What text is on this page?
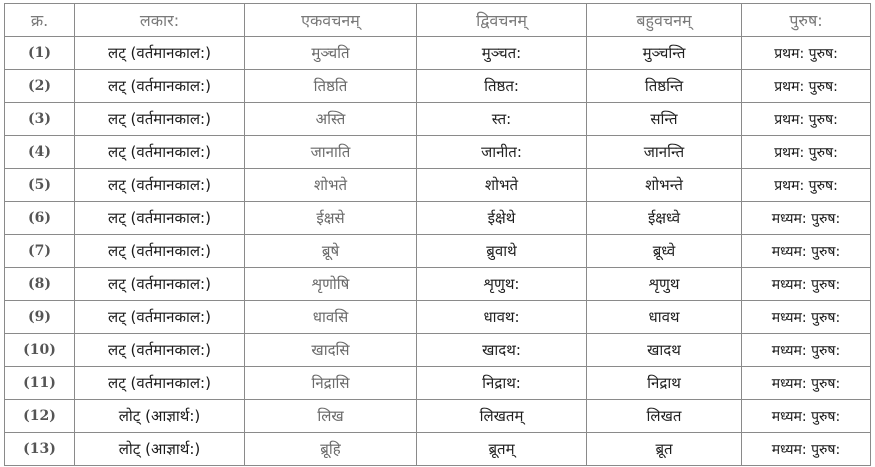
क्र.	लकार:	एकवचनम्	द्विवचनम्	बहुवचनम्	पुरुष:
(1)	लट् (वर्तमानकाल:)	मुञ्चति	मुञ्चत:	मुञ्चन्ति	प्रथम: पुरुष:
(2)	लट् (वर्तमानकाल:)	तिष्ठति	तिष्ठत:	तिष्ठन्ति	प्रथम: पुरुष:
(3)	लट् (वर्तमानकाल:)	अस्ति	स्त:	सन्ति	प्रथम: पुरुष:
(4)	लट् (वर्तमानकाल:)	जानाति	जानीत:	जानन्ति	प्रथम: पुरुष:
(5)	लट् (वर्तमानकाल:)	शोभते	शोभते	शोभन्ते	प्रथम: पुरुष:
(6)	लट् (वर्तमानकाल:)	ईक्षसे	ईक्षेथे	ईक्षध्वे	मध्यम: पुरुष:
(7)	लट् (वर्तमानकाल:)	ब्रूषे	ब्रुवाथे	ब्रूध्वे	मध्यम: पुरुष:
(8)	लट् (वर्तमानकाल:)	शृणोषि	शृणुथ:	शृणुथ	मध्यम: पुरुष:
(9)	लट् (वर्तमानकाल:)	धावसि	धावथ:	धावथ	मध्यम: पुरुष:
(10)	लट् (वर्तमानकाल:)	खादसि	खादथ:	खादथ	मध्यम: पुरुष:
(11)	लट् (वर्तमानकाल:)	निद्रासि	निद्राथ:	निद्राथ	मध्यम: पुरुष:
(12)	लोट् (आज्ञार्थ:)	लिख	लिखतम्	लिखत	मध्यम: पुरुष:
(13)	लोट् (आज्ञार्थ:)	ब्रूहि	ब्रूतम्	ब्रूत	मध्यम: पुरुष:
